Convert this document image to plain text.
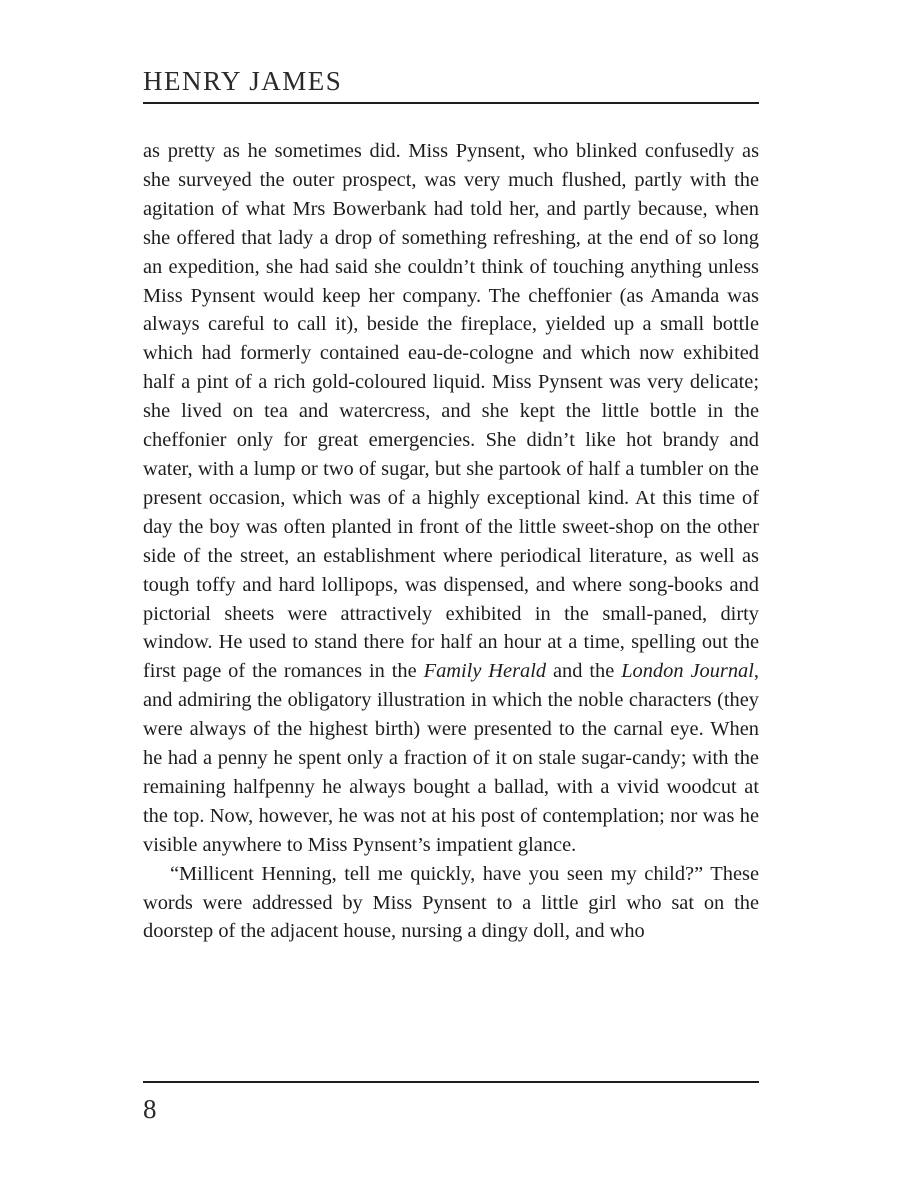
HENRY JAMES

as pretty as he sometimes did. Miss Pynsent, who blinked confusedly as she surveyed the outer prospect, was very much flushed, partly with the agitation of what Mrs Bowerbank had told her, and partly because, when she offered that lady a drop of something refreshing, at the end of so long an expedition, she had said she couldn’t think of touching anything unless Miss Pynsent would keep her company. The cheffonier (as Amanda was always careful to call it), beside the fireplace, yielded up a small bottle which had formerly contained eau-de-cologne and which now exhibited half a pint of a rich gold-coloured liquid. Miss Pynsent was very delicate; she lived on tea and watercress, and she kept the little bottle in the cheffonier only for great emergencies. She didn’t like hot brandy and water, with a lump or two of sugar, but she partook of half a tumbler on the present occasion, which was of a highly exceptional kind. At this time of day the boy was often planted in front of the little sweet-shop on the other side of the street, an establishment where periodical literature, as well as tough toffy and hard lollipops, was dispensed, and where song-books and pictorial sheets were attractively exhibited in the small-paned, dirty window. He used to stand there for half an hour at a time, spelling out the first page of the romances in the Family Herald and the London Journal, and admiring the obligatory illustration in which the noble characters (they were always of the highest birth) were presented to the carnal eye. When he had a penny he spent only a fraction of it on stale sugar-candy; with the remaining halfpenny he always bought a ballad, with a vivid woodcut at the top. Now, however, he was not at his post of contemplation; nor was he visible anywhere to Miss Pynsent’s impatient glance.

“Millicent Henning, tell me quickly, have you seen my child?” These words were addressed by Miss Pynsent to a little girl who sat on the doorstep of the adjacent house, nursing a dingy doll, and who

8
